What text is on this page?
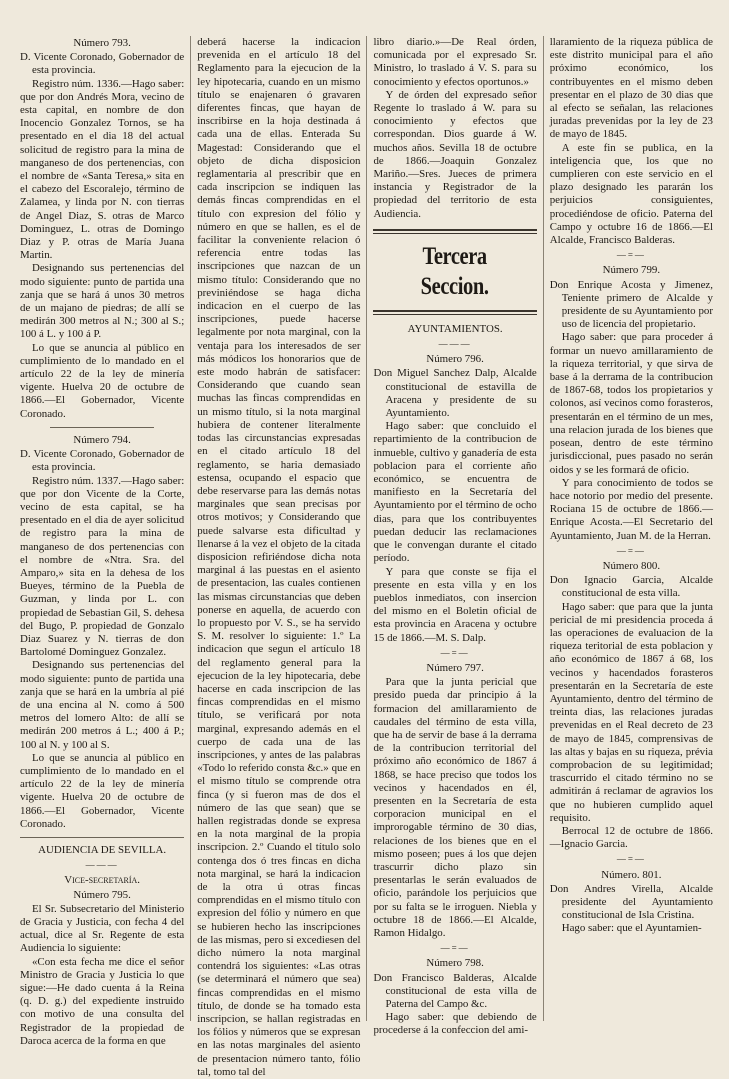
Número 793.

D. Vicente Coronado, Gobernador de esta provincia.

Registro núm. 1336.—Hago saber: que por don Andrés Mora, vecino de esta capital, en nombre de don Inocencio Gonzalez Tornos, se ha presentado en el dia 18 del actual solicitud de registro para la mina de manganeso de dos pertenencias, con el nombre de «Santa Teresa,» sita en el cabezo del Escoralejo, término de Zalamea, y linda por N. con tierras de Angel Diaz, S. otras de Marco Dominguez, L. otras de Domingo Diaz y P. otras de María Juana Martin.

Designando sus pertenencias del modo siguiente: punto de partida una zanja que se hará á unos 30 metros de un majano de piedras; de allí se medirán 300 metros al N.; 300 al S.; 100 á L. y 100 á P.

Lo que se anuncia al público en cumplimiento de lo mandado en el artículo 22 de la ley de minería vigente. Huelva 20 de octubre de 1866.—El Gobernador, Vicente Coronado.

Número 794.

D. Vicente Coronado, Gobernador de esta provincia.

Registro núm. 1337.—Hago saber: que por don Vicente de la Corte, vecino de esta capital, se ha presentado en el dia de ayer solicitud de registro para la mina de manganeso de dos pertenencias con el nombre de «Ntra. Sra. del Amparo,» sita en la dehesa de los Bueyes, término de la Puebla de Guzman, y linda por L. con propiedad de Sebastian Gil, S. dehesa del Bugo, P. propiedad de Gonzalo Diaz Suarez y N. tierras de don Bartolomé Dominguez Gonzalez.

Designando sus pertenencias del modo siguiente: punto de partida una zanja que se hará en la umbría al pié de una encina al N. como á 500 metros del lomero Alto: de allí se medirán 200 metros á L.; 400 á P.; 100 al N. y 100 al S.

Lo que se anuncia al público en cumplimiento de lo mandado en el artículo 22 de la ley de minería vigente. Huelva 20 de octubre de 1866.—El Gobernador, Vicente Coronado.

AUDIENCIA DE SEVILLA.

———

Vice-secretaría.

Número 795.

El Sr. Subsecretario del Ministerio de Gracia y Justicia, con fecha 4 del actual, dice al Sr. Regente de esta Audiencia lo siguiente:

«Con esta fecha me dice el señor Ministro de Gracia y Justicia lo que sigue:—He dado cuenta á la Reina (q. D. g.) del expediente instruido con motivo de una consulta del Registrador de la propiedad de Daroca acerca de la forma en que

deberá hacerse la indicacion prevenida en el artículo 18 del Reglamento para la ejecucion de la ley hipotecaria, cuando en un mismo título se enajenaren ó gravaren diferentes fincas, que hayan de inscribirse en la hoja destinada á cada una de ellas. Enterada Su Magestad: Considerando que el objeto de dicha disposicion reglamentaria al prescribir que en cada inscripcion se indiquen las demás fincas comprendidas en el título con expresion del fólio y número en que se hallen, es el de facilitar la conveniente relacion ó referencia entre todas las inscripciones que nazcan de un mismo título: Considerando que no previniéndose se haga dicha indicacion en el cuerpo de las inscripciones, puede hacerse legalmente por nota marginal, con la ventaja para los interesados de ser más módicos los honorarios que de este modo habrán de satisfacer: Considerando que cuando sean muchas las fincas comprendidas en un mismo título, si la nota marginal hubiera de contener literalmente todas las circunstancias expresadas en el citado artículo 18 del reglamento, se haria demasiado estensa, ocupando el espacio que debe reservarse para las demás notas marginales que sean precisas por otros motivos; y Considerando que puede salvarse esta dificultad y llenarse á la vez el objeto de la citada disposicion refiriéndose dicha nota marginal á las puestas en el asiento de presentacion, las cuales contienen las mismas circunstancias que deben ponerse en aquella, de acuerdo con lo propuesto por V. S., se ha servido S. M. resolver lo siguiente: 1.º La indicacion que segun el artículo 18 del reglamento general para la ejecucion de la ley hipotecaria, debe hacerse en cada inscripcion de las fincas comprendidas en el mismo título, se verificará por nota marginal, expresando además en el cuerpo de cada una de las inscripciones, y antes de las palabras «Todo lo referido consta &c.» que en el mismo título se comprende otra finca (y si fueron mas de dos el número de las que sean) que se hallen registradas donde se expresa en la nota marginal de la propia inscripcion. 2.º Cuando el título solo contenga dos ó tres fincas en dicha nota marginal, se hará la indicacion de la otra ú otras fincas comprendidas en el mismo título con expresion del fólio y número en que se hubieren hecho las inscripciones de las mismas, pero si excediesen del dicho número la nota marginal contendrá los siguientes: «Las otras (se determinará el número que sea) fincas comprendidas en el mismo título, de donde se ha tomado esta inscripcion, se hallan registradas en los fólios y números que se expresan en las notas marginales del asiento de presentacion número tanto, fólio tal, tomo tal del

libro diario.»—De Real órden, comunicada por el expresado Sr. Ministro, lo traslado á V. S. para su conocimiento y efectos oportunos.»

Y de órden del expresado señor Regente lo traslado á W. para su conocimiento y efectos que correspondan. Dios guarde á W. muchos años. Sevilla 18 de octubre de 1866.—Joaquin Gonzalez Mariño.—Sres. Jueces de primera instancia y Registrador de la propiedad del territorio de esta Audiencia.

Tercera Seccion.

AYUNTAMIENTOS.

———

Número 796.

Don Miguel Sanchez Dalp, Alcalde constitucional de estavilla de Aracena y presidente de su Ayuntamiento.

Hago saber: que concluido el repartimiento de la contribucion de inmueble, cultivo y ganadería de esta poblacion para el corriente año económico, se encuentra de manifiesto en la Secretaría del Ayuntamiento por el término de ocho dias, para que los contribuyentes puedan deducir las reclamaciones que le convengan durante el citado período.

Y para que conste se fija el presente en esta villa y en los pueblos inmediatos, con insercion del mismo en el Boletin oficial de esta provincia en Aracena y octubre 15 de 1866.—M. S. Dalp.

—=—

Número 797.

Para que la junta pericial que presido pueda dar principio á la formacion del amillaramiento de caudales del término de esta villa, que ha de servir de base á la derrama de la contribucion territorial del próximo año económico de 1867 á 1868, se hace preciso que todos los vecinos y hacendados en él, presenten en la Secretaría de esta corporacion municipal en el improrogable término de 30 dias, relaciones de los bienes que en el mismo poseen; pues á los que dejen trascurrir dicho plazo sin presentarlas le serán evaluados de oficio, parándole los perjuicios que por su falta se le irroguen. Niebla y octubre 18 de 1866.—El Alcalde, Ramon Hidalgo.

—=—

Número 798.

Don Francisco Balderas, Alcalde constitucional de esta villa de Paterna del Campo &c.

Hago saber: que debiendo de procederse á la confeccion del ami-

llaramiento de la riqueza pública de este distrito municipal para el año próximo económico, los contribuyentes en el mismo deben presentar en el plazo de 30 dias que al efecto se señalan, las relaciones juradas prevenidas por la ley de 23 de mayo de 1845.

A este fin se publica, en la inteligencia que, los que no cumplieren con este servicio en el plazo designado les pararán los perjuicios consiguientes, procediéndose de oficio. Paterna del Campo y octubre 16 de 1866.—El Alcalde, Francisco Balderas.

—=—

Número 799.

Don Enrique Acosta y Jimenez, Teniente primero de Alcalde y presidente de su Ayuntamiento por uso de licencia del propietario.

Hago saber: que para proceder á formar un nuevo amillaramiento de la riqueza territorial, y que sirva de base á la derrama de la contribucion de 1867-68, todos los propietarios y colonos, así vecinos como forasteros, presentarán en el término de un mes, una relacion jurada de los bienes que posean, dentro de este término jurisdiccional, pues pasado no serán oidos y se les formará de oficio.

Y para conocimiento de todos se hace notorio por medio del presente. Rociana 15 de octubre de 1866.—Enrique Acosta.—El Secretario del Ayuntamiento, Juan M. de la Herran.

—=—

Número 800.

Don Ignacio Garcia, Alcalde constitucional de esta villa.

Hago saber: que para que la junta pericial de mi presidencia proceda á las operaciones de evaluacion de la riqueza teritorial de esta poblacion y año económico de 1867 á 68, los vecinos y hacendados forasteros presentarán en la Secretaría de este Ayuntamiento, dentro del término de treinta dias, las relaciones juradas prevenidas en el Real decreto de 23 de mayo de 1845, comprensivas de las altas y bajas en su riqueza, prévia comprobacion de su legitimidad; trascurrido el citado término no se admitirán á reclamar de agravios los que no hubieren cumplido aquel requisito.

Berrocal 12 de octubre de 1866. —Ignacio Garcia.

—=—

Número. 801.

Don Andres Virella, Alcalde presidente del Ayuntamiento constitucional de Isla Cristina.

Hago saber: que el Ayuntamien-
